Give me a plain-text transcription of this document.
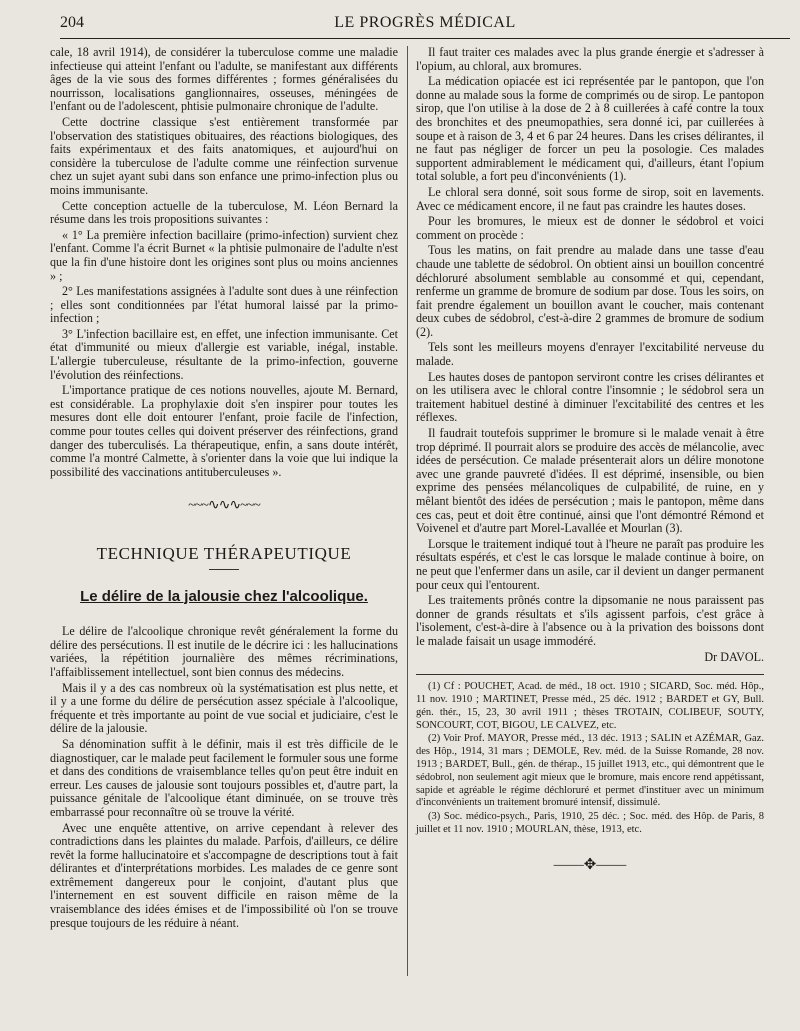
204	LE PROGRÈS MÉDICAL

cale, 18 avril 1914), de considérer la tuberculose comme une maladie infectieuse qui atteint l'enfant ou l'adulte, se manifestant aux différents âges de la vie sous des formes différentes ; formes généralisées du nourrisson, localisations ganglionnaires, osseuses, méningées de l'enfant ou de l'adolescent, phtisie pulmonaire chronique de l'adulte.

Cette doctrine classique s'est entièrement transformée par l'observation des statistiques obituaires, des réactions biologiques, des faits expérimentaux et des faits anatomiques, et aujourd'hui on considère la tuberculose de l'adulte comme une réinfection survenue chez un sujet ayant subi dans son enfance une primo-infection plus ou moins immunisante.

Cette conception actuelle de la tuberculose, M. Léon Bernard la résume dans les trois propositions suivantes :

« 1° La première infection bacillaire (primo-infection) survient chez l'enfant. Comme l'a écrit Burnet « la phtisie pulmonaire de l'adulte n'est que la fin d'une histoire dont les origines sont plus ou moins anciennes » ;

2° Les manifestations assignées à l'adulte sont dues à une réinfection ; elles sont conditionnées par l'état humoral laissé par la primo-infection ;

3° L'infection bacillaire est, en effet, une infection immunisante. Cet état d'immunité ou mieux d'allergie est variable, inégal, instable. L'allergie tuberculeuse, résultante de la primo-infection, gouverne l'évolution des réinfections.

L'importance pratique de ces notions nouvelles, ajoute M. Bernard, est considérable. La prophylaxie doit s'en inspirer pour toutes les mesures dont elle doit entourer l'enfant, proie facile de l'infection, comme pour toutes celles qui doivent préserver des réinfections, grand danger des tuberculisés. La thérapeutique, enfin, a sans doute intérêt, comme l'a montré Calmette, à s'orienter dans la voie que lui indique la possibilité des vaccinations antituberculeuses ».

~~~∿∿∿~~~
TECHNIQUE THÉRAPEUTIQUE
Le délire de la jalousie chez l'alcoolique.

Le délire de l'alcoolique chronique revêt généralement la forme du délire des persécutions. Il est inutile de le décrire ici : les hallucinations variées, la répétition journalière des mêmes récriminations, l'affaiblissement intellectuel, sont bien connus des médecins.

Mais il y a des cas nombreux où la systématisation est plus nette, et il y a une forme du délire de persécution assez spéciale à l'alcoolique, fréquente et très importante au point de vue social et judiciaire, c'est le délire de la jalousie.

Sa dénomination suffit à le définir, mais il est très difficile de le diagnostiquer, car le malade peut facilement le formuler sous une forme et dans des conditions de vraisemblance telles qu'on peut être induit en erreur. Les causes de jalousie sont toujours possibles et, d'autre part, la puissance génitale de l'alcoolique étant diminuée, on se trouve très embarrassé pour reconnaître où se trouve la vérité.

Avec une enquête attentive, on arrive cependant à relever des contradictions dans les plaintes du malade. Parfois, d'ailleurs, ce délire revêt la forme hallucinatoire et s'accompagne de descriptions tout à fait délirantes et d'interprétations morbides. Les malades de ce genre sont extrêmement dangereux pour le conjoint, d'autant plus que l'internement en est souvent difficile en raison même de la vraisemblance des idées émises et de l'impossibilité où l'on se trouve presque toujours de les réduire à néant.

Il faut traiter ces malades avec la plus grande énergie et s'adresser à l'opium, au chloral, aux bromures.

La médication opiacée est ici représentée par le pantopon, que l'on donne au malade sous la forme de comprimés ou de sirop. Le pantopon sirop, que l'on utilise à la dose de 2 à 8 cuillerées à café contre la toux des bronchites et des pneumopathies, sera donné ici, par cuillerées à soupe et à raison de 3, 4 et 6 par 24 heures. Dans les crises délirantes, il ne faut pas négliger de forcer un peu la posologie. Ces malades supportent admirablement le médicament qui, d'ailleurs, étant l'opium total soluble, a fort peu d'inconvénients (1).

Le chloral sera donné, soit sous forme de sirop, soit en lavements. Avec ce médicament encore, il ne faut pas craindre les hautes doses.

Pour les bromures, le mieux est de donner le sédobrol et voici comment on procède :

Tous les matins, on fait prendre au malade dans une tasse d'eau chaude une tablette de sédobrol. On obtient ainsi un bouillon concentré déchloruré absolument semblable au consommé et qui, cependant, renferme un gramme de bromure de sodium par dose. Tous les soirs, on fait prendre également un bouillon avant le coucher, mais contenant deux cubes de sédobrol, c'est-à-dire 2 grammes de bromure de sodium (2).

Tels sont les meilleurs moyens d'enrayer l'excitabilité nerveuse du malade.

Les hautes doses de pantopon serviront contre les crises délirantes et on les utilisera avec le chloral contre l'insomnie ; le sédobrol sera un traitement habituel destiné à diminuer l'excitabilité des centres et les réflexes.

Il faudrait toutefois supprimer le bromure si le malade venait à être trop déprimé. Il pourrait alors se produire des accès de mélancolie, avec idées de persécution. Ce malade présenterait alors un délire monotone avec une grande pauvreté d'idées. Il est déprimé, insensible, ou bien exprime des pensées mélancoliques de culpabilité, de ruine, en y mêlant bientôt des idées de persécution ; mais le pantopon, même dans ces cas, peut et doit être continué, ainsi que l'ont démontré Rémond et Voivenel et d'autre part Morel-Lavallée et Mourlan (3).

Lorsque le traitement indiqué tout à l'heure ne paraît pas produire les résultats espérés, et c'est le cas lorsque le malade continue à boire, on ne peut que l'enfermer dans un asile, car il devient un danger permanent pour ceux qui l'entourent.

Les traitements prônés contre la dipsomanie ne nous paraissent pas donner de grands résultats et s'ils agissent parfois, c'est grâce à l'isolement, c'est-à-dire à l'absence ou à la privation des boissons dont le malade faisait un usage immodéré.

Dr DAVOL.

(1) Cf : POUCHET, Acad. de méd., 18 oct. 1910 ; SICARD, Soc. méd. Hôp., 11 nov. 1910 ; MARTINET, Presse méd., 25 déc. 1912 ; BARDET et GY, Bull. gén. thér., 15, 23, 30 avril 1911 ; thèses TROTAIN, COLIBEUF, SOUTY, SONCOURT, COT, BIGOU, LE CALVEZ, etc.

(2) Voir Prof. MAYOR, Presse méd., 13 déc. 1913 ; SALIN et AZÉMAR, Gaz. des Hôp., 1914, 31 mars ; DEMOLE, Rev. méd. de la Suisse Romande, 28 nov. 1913 ; BARDET, Bull., gén. de thérap., 15 juillet 1913, etc., qui démontrent que le sédobrol, non seulement agit mieux que le bromure, mais encore rend appétissant, sapide et agréable le régime déchloruré et permet d'instituer avec un minimum d'inconvénients un traitement bromuré intensif, dissimulé.

(3) Soc. médico-psych., Paris, 1910, 25 déc. ; Soc. méd. des Hôp. de Paris, 8 juillet et 11 nov. 1910 ; MOURLAN, thèse, 1913, etc.

——✥——
